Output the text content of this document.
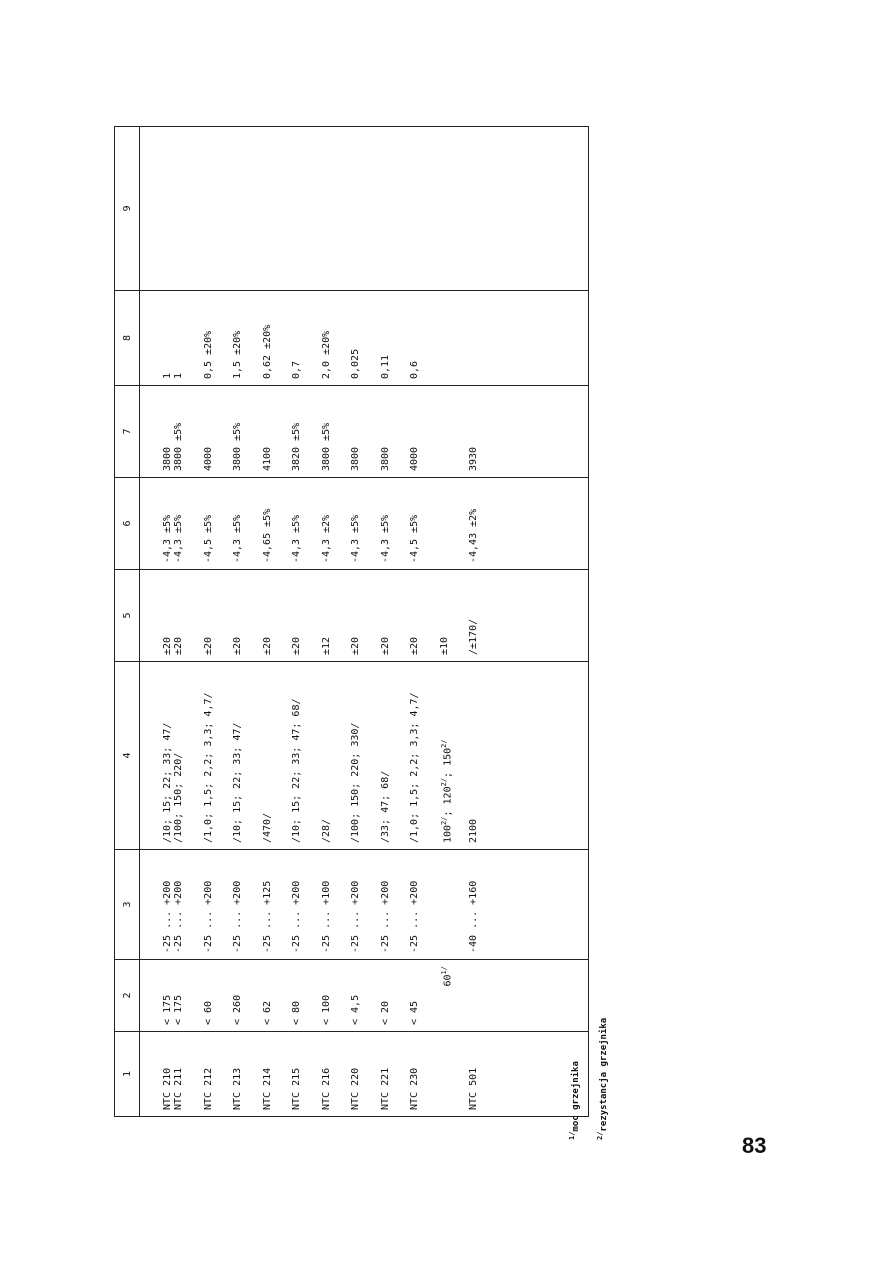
1	2	3	4	5	6	7	8	9
NTC 210	< 175	-25 ... +200	/10; 15; 22; 33; 47/	±20	-4,3 ±5%	3800	1	
NTC 211	< 175	-25 ... +200	/100; 150; 220/	±20	-4,3 ±5%	3800 ±5%	1	
NTC 212	< 60	-25 ... +200	/1,0; 1,5; 2,2; 3,3; 4,7/	±20	-4,5 ±5%	4000	0,5 ±20%	
NTC 213	< 260	-25 ... +200	/10; 15; 22; 33; 47/	±20	-4,3 ±5%	3800 ±5%	1,5 ±20%	
NTC 214	< 62	-25 ... +125	/470/	±20	-4,65 ±5%	4100	0,62 ±20%	
NTC 215	< 80	-25 ... +200	/10; 15; 22; 33; 47; 68/	±20	-4,3 ±5%	3820 ±5%	0,7	
NTC 216	< 100	-25 ... +100	/28/	±12	-4,3 ±2%	3800 ±5%	2,0 ±20%	
NTC 220	< 4,5	-25 ... +200	/100; 150; 220; 330/	±20	-4,3 ±5%	3800	0,025	
NTC 221	< 20	-25 ... +200	/33; 47; 68/	±20	-4,3 ±5%	3800	0,11	
NTC 230	< 45	-25 ... +200	/1,0; 1,5; 2,2; 3,3; 4,7/	±20	-4,5 ±5%	4000	0,6	
	$60^{1/}$		$100^{2/}$; $120^{2/}$; $150^{2/}$	±10				
NTC 501		-40 ... +160	2100	/±170/	-4,43 ±2%	3930		
$^{1/}$moc grzejnika
$^{2/}$rezystancja grzejnika
83
